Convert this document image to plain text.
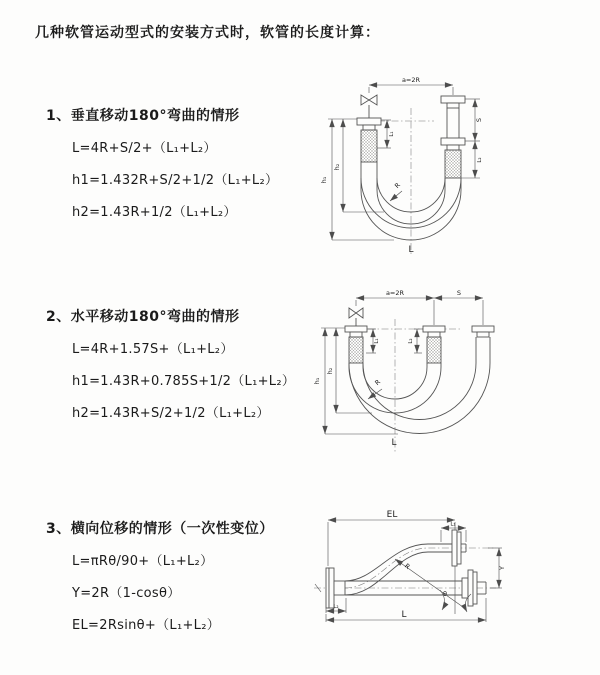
几种软管运动型式的安装方式时，软管的长度计算：
1、垂直移动180°弯曲的情形
L=4R+S/2+（L₁+L₂）
h1=1.432R+S/2+1/2（L₁+L₂）
h2=1.43R+1/2（L₁+L₂）
a=2R
h₁
h₂
L₁
S
L₂
R
L
2、水平移动180°弯曲的情形
L=4R+1.57S+（L₁+L₂）
h1=1.43R+0.785S+1/2（L₁+L₂）
h2=1.43R+S/2+1/2（L₁+L₂）
a=2R	S
h₁
h₂
L₁	L₂
R
L
3、横向位移的情形（一次性变位）
L=πRθ/90+（L₁+L₂）
Y=2R（1-cosθ）
EL=2Rsinθ+（L₁+L₂）
EL
L₁
Y
θ
R
L₂
L
